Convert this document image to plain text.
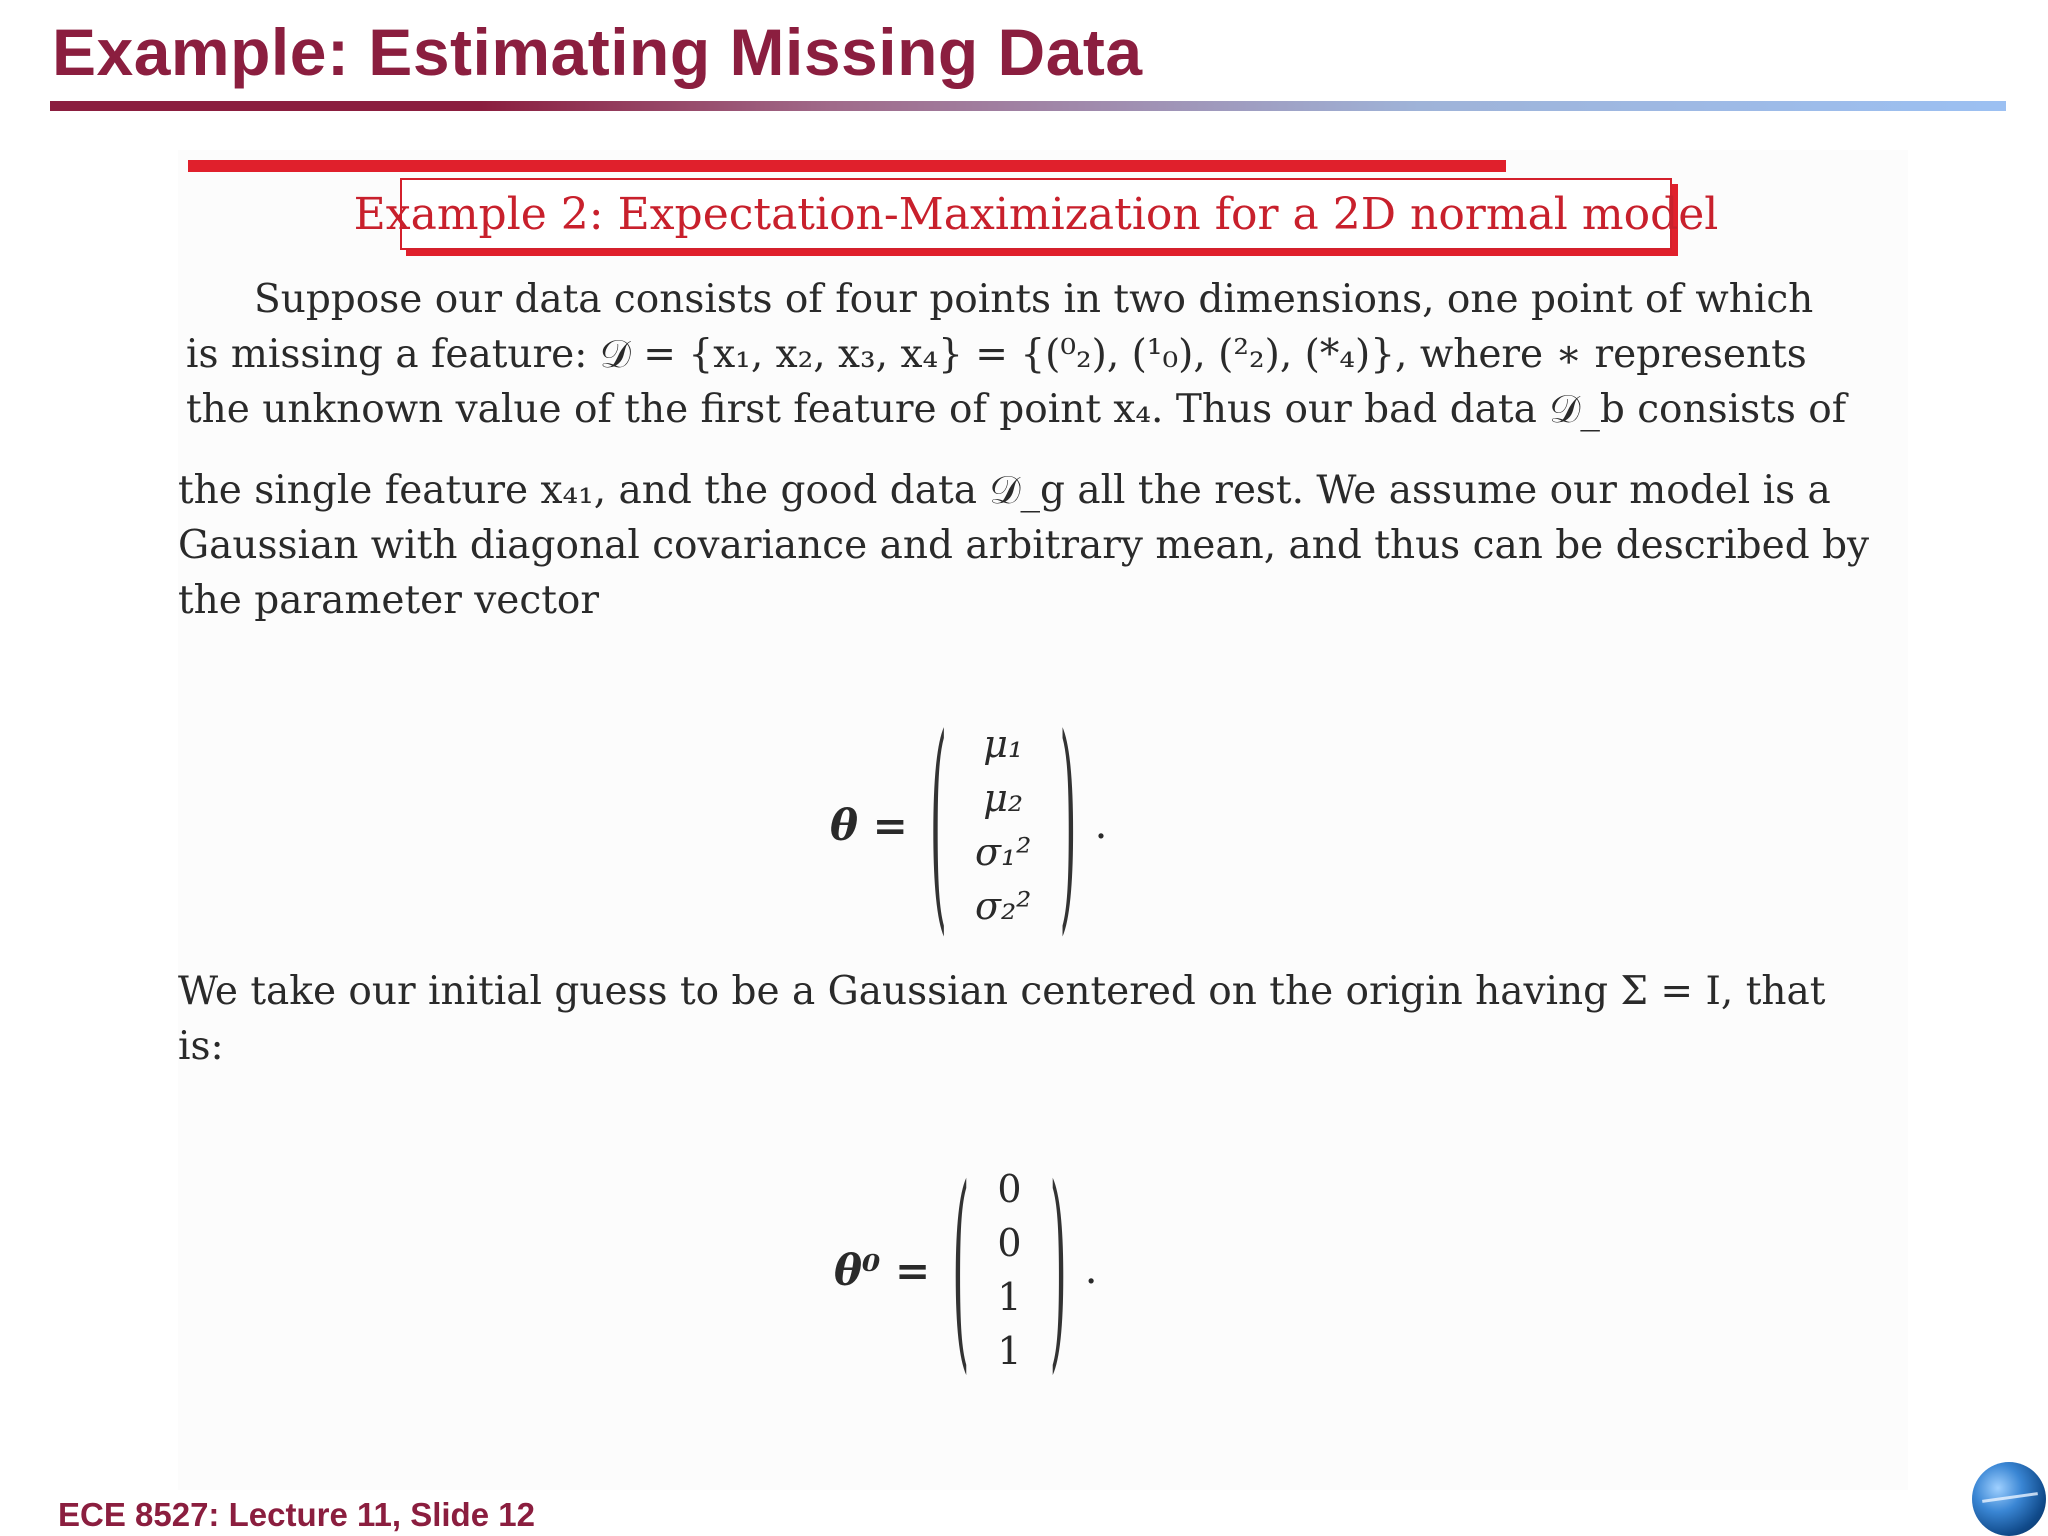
Example: Estimating Missing Data
Example 2: Expectation-Maximization for a 2D normal model
Suppose our data consists of four points in two dimensions, one point of which
is missing a feature: 𝒟 = {x₁, x₂, x₃, x₄} = {(⁰₂), (¹₀), (²₂), (*₄)}, where ∗ represents
the unknown value of the first feature of point x₄. Thus our bad data 𝒟_b consists of
the single feature x₄₁, and the good data 𝒟_g all the rest. We assume our model is a
Gaussian with diagonal covariance and arbitrary mean, and thus can be described by
the parameter vector
θ = ( μ₁
μ₂
σ₁²
σ₂² ) .
We take our initial guess to be a Gaussian centered on the origin having Σ = I, that
is:
θ⁰ = ( 0
0
1
1 ) .
ECE 8527: Lecture 11, Slide 12
